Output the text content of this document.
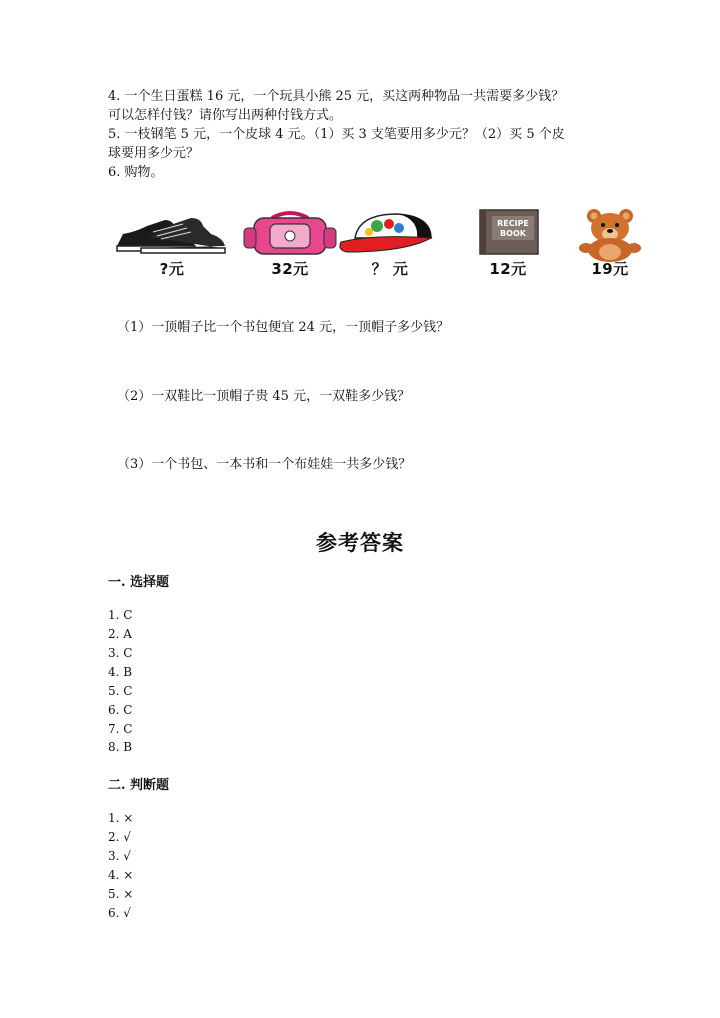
4. 一个生日蛋糕 16 元，一个玩具小熊 25 元，买这两种物品一共需要多少钱？
可以怎样付钱？请你写出两种付钱方式。
5. 一枝钢笔 5 元，一个皮球 4 元。（1）买 3 支笔要用多少元？（2）买 5 个皮
球要用多少元？
6. 购物。
?元	32元	？ 元
RECIPE
BOOK
12元	19元
（1）一顶帽子比一个书包便宜 24 元，一顶帽子多少钱？
（2）一双鞋比一顶帽子贵 45 元，一双鞋多少钱？
（3）一个书包、一本书和一个布娃娃一共多少钱？
参考答案
一. 选择题
1. C
2. A
3. C
4. B
5. C
6. C
7. C
8. B
二. 判断题
1. ×
2. √
3. √
4. ×
5. ×
6. √
